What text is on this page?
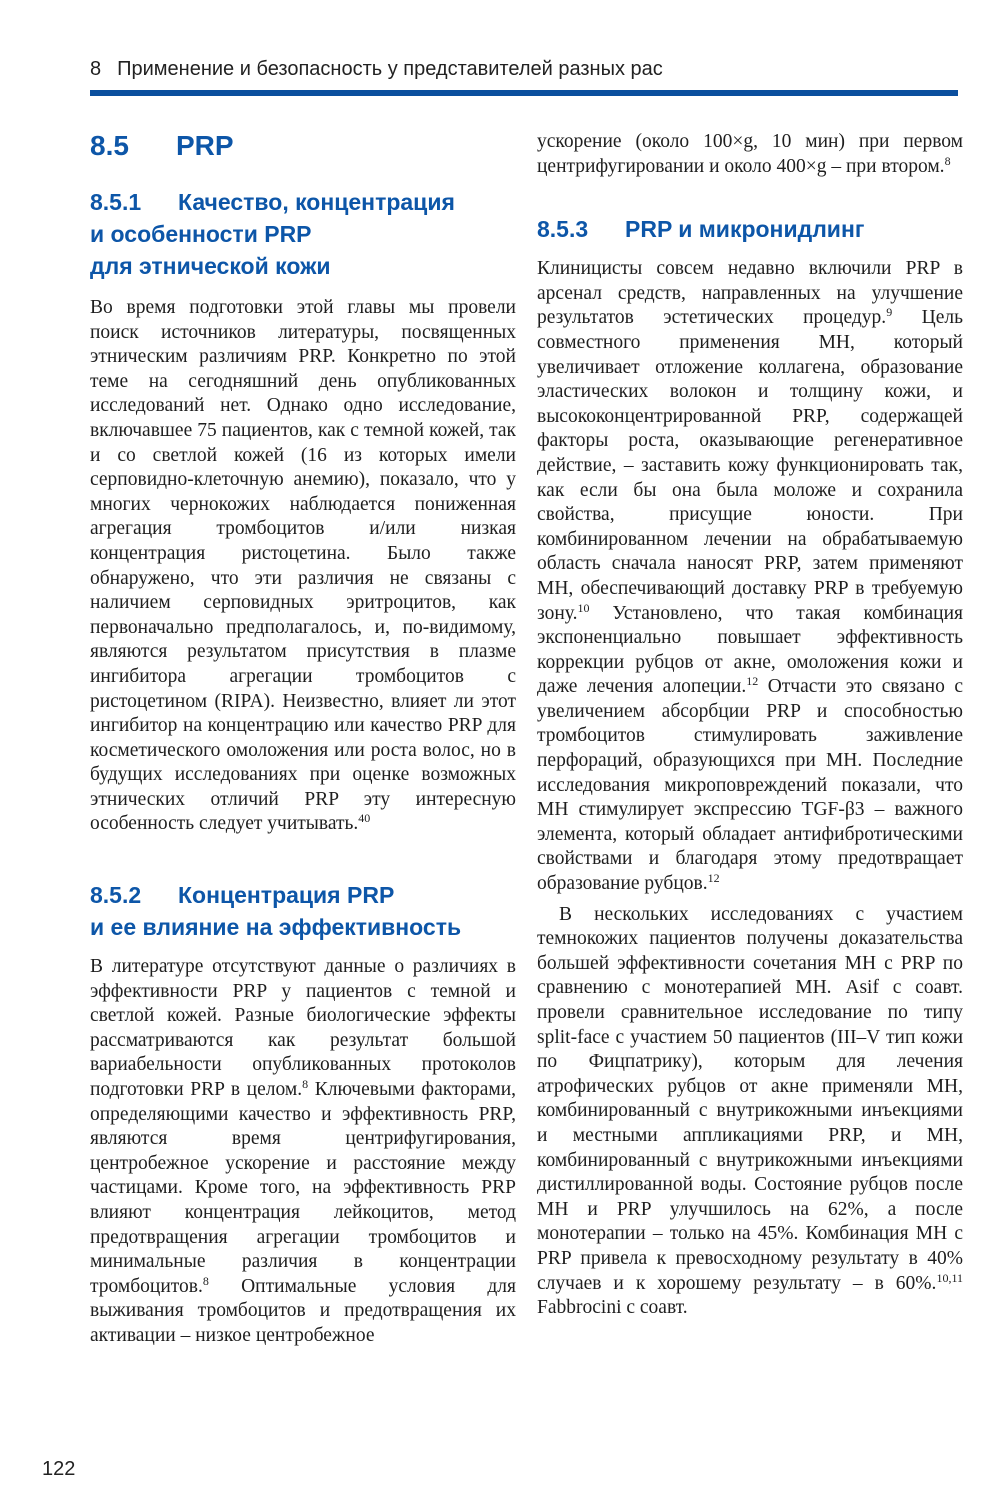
8 Применение и безопасность у представителей разных рас
8.5 PRP
8.5.1 Качество, концентрация
и особенности PRP
для этнической кожи

Во время подготовки этой главы мы провели поиск источников литературы, посвященных этническим различиям PRP. Конкретно по этой теме на сегодняшний день опубликованных исследований нет. Однако одно исследование, включавшее 75 пациентов, как с темной кожей, так и со светлой кожей (16 из которых имели серповидно-клеточную анемию), показало, что у многих чернокожих наблюдается пониженная агрегация тромбоцитов и/или низкая концентрация ристоцетина. Было также обнаружено, что эти различия не связаны с наличием серповидных эритроцитов, как первоначально предполагалось, и, по-видимому, являются результатом присутствия в плазме ингибитора агрегации тромбоцитов с ристоцетином (RIPA). Неизвестно, влияет ли этот ингибитор на концентрацию или качество PRP для косметического омоложения или роста волос, но в будущих исследованиях при оценке возможных этнических отличий PRP эту интересную особенность следует учитывать.$^{40}$

8.5.2 Концентрация PRP
и ее влияние на эффективность

В литературе отсутствуют данные о различиях в эффективности PRP у пациентов с темной и светлой кожей. Разные биологические эффекты рассматриваются как результат большой вариабельности опубликованных протоколов подготовки PRP в целом.$^8$ Ключевыми факторами, определяющими качество и эффективность PRP, являются время центрифугирования, центробежное ускорение и расстояние между частицами. Кроме того, на эффективность PRP влияют концентрация лейкоцитов, метод предотвращения агрегации тромбоцитов и минимальные различия в концентрации тромбоцитов.$^8$ Оптимальные условия для выживания тромбоцитов и предотвращения их активации – низкое центробежное

ускорение (около 100×g, 10 мин) при первом центрифугировании и около 400×g – при втором.$^8$

8.5.3 PRP и микронидлинг

Клиницисты совсем недавно включили PRP в арсенал средств, направленных на улучшение результатов эстетических процедур.$^9$ Цель совместного применения МН, который увеличивает отложение коллагена, образование эластических волокон и толщину кожи, и высококонцентрированной PRP, содержащей факторы роста, оказывающие регенеративное действие, – заставить кожу функционировать так, как если бы она была моложе и сохранила свойства, присущие юности. При комбинированном лечении на обрабатываемую область сначала наносят PRP, затем применяют МН, обеспечивающий доставку PRP в требуемую зону.$^{10}$ Установлено, что такая комбинация экспоненциально повышает эффективность коррекции рубцов от акне, омоложения кожи и даже лечения алопеции.$^{12}$ Отчасти это связано с увеличением абсорбции PRP и способностью тромбоцитов стимулировать заживление перфораций, образующихся при МН. Последние исследования микроповреждений показали, что МН стимулирует экспрессию TGF-β3 – важного элемента, который обладает антифибротическими свойствами и благодаря этому предотвращает образование рубцов.$^{12}$

В нескольких исследованиях с участием темнокожих пациентов получены доказательства большей эффективности сочетания МН с PRP по сравнению с монотерапией МН. Asif с соавт. провели сравнительное исследование по типу split-face с участием 50 пациентов (III–V тип кожи по Фицпатрику), которым для лечения атрофических рубцов от акне применяли МН, комбинированный с внутрикожными инъекциями и местными аппликациями PRP, и МН, комбинированный с внутрикожными инъекциями дистиллированной воды. Состояние рубцов после МН и PRP улучшилось на 62%, а после монотерапии – только на 45%. Комбинация МН с PRP привела к превосходному результату в 40% случаев и к хорошему результату – в 60%.$^{10,11}$ Fabbrocini с соавт.

122
